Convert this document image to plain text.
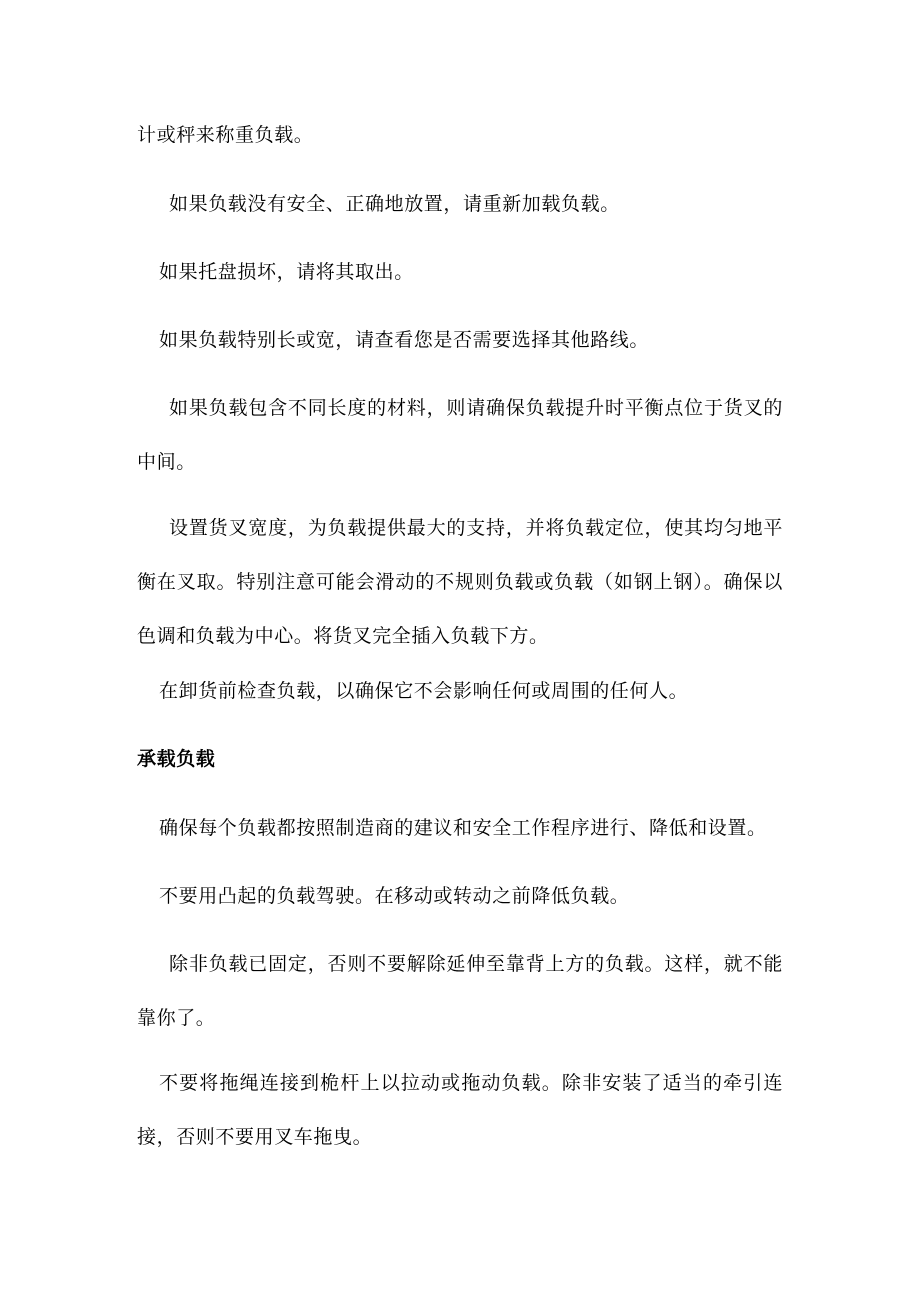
计或秤来称重负载。

如果负载没有安全、正确地放置，请重新加载负载。

如果托盘损坏，请将其取出。

如果负载特别长或宽，请查看您是否需要选择其他路线。

如果负载包含不同长度的材料，则请确保负载提升时平衡点位于货叉的中间。

设置货叉宽度，为负载提供最大的支持，并将负载定位，使其均匀地平衡在叉取。特别注意可能会滑动的不规则负载或负载（如钢上钢）。确保以色调和负载为中心。将货叉完全插入负载下方。

在卸货前检查负载，以确保它不会影响任何或周围的任何人。

承载负载

确保每个负载都按照制造商的建议和安全工作程序进行、降低和设置。

不要用凸起的负载驾驶。在移动或转动之前降低负载。

除非负载已固定，否则不要解除延伸至靠背上方的负载。这样，就不能靠你了。

不要将拖绳连接到桅杆上以拉动或拖动负载。除非安装了适当的牵引连接，否则不要用叉车拖曳。
